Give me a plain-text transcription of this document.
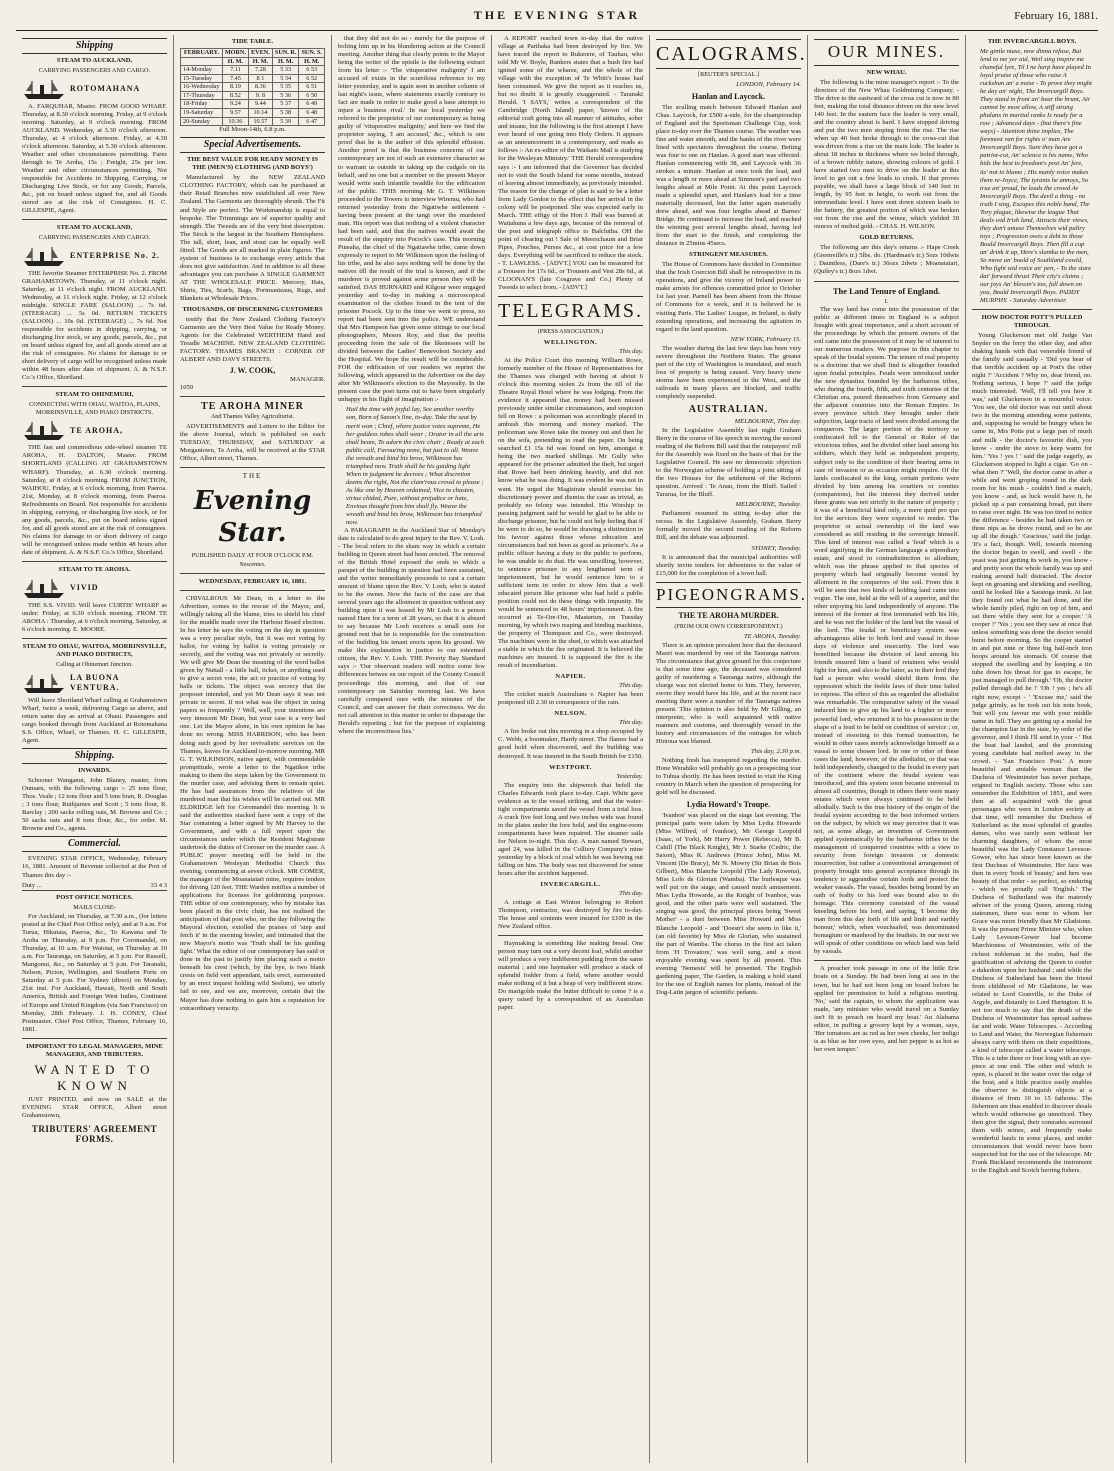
THE EVENING STAR	February 16, 1881.
Shipping
STEAM TO AUCKLAND,
CARRYING PASSENGERS AND CARGO.
ROTOMAHANA

A. FARQUHAR, Master. FROM GOOD WHARF. Thursday, at 8.30 o'clock morning. Friday, at 9 o'clock morning. Saturday, at 9 o'clock morning. FROM AUCKLAND. Wednesday, at 3.30 o'clock afternoon. Thursday, at 4 o'clock afternoon. Friday, at 4.30 o'clock afternoon. Saturday, at 5.30 o'clock afternoon. Weather and other circumstances permitting. Fares through to Te Aroha, 15s ; Freight, 25s per ton. Weather and other circumstances permitting. Not responsible for Accidents in Shipping, Carrying, or Discharging Live Stock, or for any Goods, Parcels, &c., put on board unless signed for, and all Goods stored are at the risk of Consignees. H. C. GILLESPIE, Agent.

STEAM TO AUCKLAND,
CARRYING PASSENGERS AND CARGO.
ENTERPRISE No. 2.

THE favorite Steamer ENTERPRISE No. 2. FROM GRAHAMSTOWN. Thursday, at 11 o'clock night. Saturday, at 11 o'clock night. FROM AUCKLAND. Wednesday, at 11 o'clock night. Friday, at 12 o'clock midnight. SINGLE FARE (SALOON) ... 7s 6d. (STEERAGE) ... 5s 0d. RETURN TICKETS (SALOON) ... 10s 0d. (STEERAGE) ... 7s 6d. Not responsible for accidents in shipping, carrying, or discharging live stock, or any goods, parcels, &c., put on board unless signed for, and all goods stored are at the risk of consignees. No claims for damage to or short delivery of cargo will be recognised unless made within 48 hours after date of shipment. A. & N.S.F. Co.'s Office, Shortland.

STEAM TO OHINEMURI,
CONNECTING WITH OHAU, WAITOA, PLAINS, MORRINSVILLE, AND PIAKO DISTRICTS.
TE AROHA,

THE fast and commodious side-wheel steamer TE AROHA, H. DALTON, Master. FROM SHORTLAND (CALLING AT GRAHAMSTOWN WHARF). Thursday, at 6.30 o'clock morning. Saturday, at 8 o'clock morning. FROM JUNCTION, WAIHOU. Friday, at 6 o'clock morning, from Paeroa. 21st, Monday, at 8 o'clock morning, from Paeroa. Refreshments on Board. Not responsible for accidents in shipping, carrying, or discharging live stock, or for any goods, parcels, &c., put on board unless signed for, and all goods stored are at the risk of consignees. No claims for damage to or short delivery of cargo will be recognised unless made within 48 hours after date of shipment. A. & N.S.F. Co.'s Office, Shortland.

STEAM TO TE AROHA.
VIVID

THE S.S. VIVID. Will leave CURTIS' WHARF as under: Friday, at 6.30 o'clock morning. FROM TE AROHA : Thursday, at 6 o'clock morning. Saturday, at 6 o'clock morning. E. MOORE.

STEAM TO OHAU, WAITOA, MORRINSVILLE, AND PIAKO DISTRICTS,
Calling at Ohinemuri Junction.
LA BUONA VENTURA.

Will leave Shortland Wharf calling at Grahamstown Wharf, twice a week, delivering Cargo as above, and return same day as arrival at Ohaui. Passengers and cargo booked through from Auckland at Rotomahana S.S. Office, Wharf, or Thames. H. C. GILLESPIE, Agent.

Shipping.
INWARDS.

Schooner Wanganui, John Blaney, master, from Onmaru, with the following cargo :- 25 tons flour, Thos. Veale ; 12 tons flour and 5 tons bran, R. Douglas ; 3 tons flour, Ruthjames and Scott ; 5 tons flour, R. Barclay ; 200 sacks rolling oats, M. Browne and Co. ; 50 sacks oats and 8 tons flour, &c., for order. M. Browne and Co., agents.

Commercial.

EVENING STAR OFFICE, Wednesday, February 16, 1881. Amount of Revenue collected at the Port of Thames this day :-

Duty ...	33 4 3
POST OFFICE NOTICES.
MAILS CLOSE-

For Auckland, on Thursday, at 7.30 a.m., (for letters posted at the Chief Post Office only), and at 9 a.m. For Turua, Hikutaia, Paeroa, &c., To Kawana and Te Aroha on Thursday, at 9 p.m. For Coromandel, on Thursday, at 10 a.m. For Waiotai, on Thursday at 10 a.m. For Tauranga, on Saturday, at 5 p.m. For Russell, Mangonui, &c., on Saturday at 5 p.m. For Taranaki, Nelson, Picton, Wellington, and Southern Ports on Saturday at 5 p.m. For Sydney (direct) on Monday, 21st inst. For Auckland, Hawaii, North and South America, British and Foreign West Indies, Continent of Europe and United Kingdom (via San Francisco) on Monday, 28th February. J. H. CONEY, Chief Postmaster. Chief Post Office, Thames, February 16, 1881.

IMPORTANT TO LEGAL MANAGERS, MINE MANAGERS, AND TRIBUTERS.
WANTED TO KNOWN

JUST PRINTED, and now on SALE at the EVENING STAR OFFICE, Albert street Grahamstown,

TRIBUTERS' AGREEMENT FORMS.
TIDE TABLE.
FEBRUARY.	MORN.	EVEN.	SUN. R.	SUN. S.
	H. M.	H. M.	H. M.	H. M.
14-Monday	7.11	7.28	5 33	6 53
15-Tuesday	7.45	8 1	5 34	6 52
16-Wednesday	8.19	8.36	5 35	6 51
17-Thursday	8.52	9. 8	5 36	6 50
18-Friday	9.24	9.44	5 37	6 49
19-Saturday	9.57	10.14	5 38	6 48
20-Sunday	10.36	10.57	5 39	6 47
Full Moon-14th, 6.8 p.m.
Special Advertisements.
THE BEST VALUE FOR READY MONEY IS THE (MEN'S) CLOTHING (AND BOYS')

Manufactured by the NEW ZEALAND CLOTHING FACTORY, which can be purchased at their Retail Branches now established all over New Zealand. The Garments are thoroughly shrunk. The Fit and Style are perfect. The Workmanship is equal to bespoke. The Trimmings are of superior quality and strength. The Tweeds are of the very best description. The Stock is the largest in the Southern Hemisphere. The tall, short, lean, and stout can be equally well fitted. The Goods are all marked in plain figures. The system of business is to exchange every article that does not give satisfaction. And in addition to all these advantages you can purchase A SINGLE GARMENT AT THE WHOLESALE PRICE. Mercery, Hats, Shirts, Ties, Scarfs, Bags, Portmanteaus, Rugs, and Blankets at Wholesale Prices.

THOUSANDS, OF DISCERNING CUSTOMERS

testify that the New Zealand Clothing Factory's Garments are the Very Best Value for Ready Money. Agents for the Celebrated WERTHEIM Hand and Treadle MACHINE. NEW ZEALAND CLOTHING FACTORY. THAMES BRANCH : CORNER OF ALBERT AND DAVY STREETS.

J. W. COOK,
MANAGER.
1059
TE AROHA MINER
And Thames Valley Agriculturist.

ADVERTISEMENTS and Letters to the Editor for the above Journal, which is published on each TUESDAY, THURSDAY, and SATURDAY at Morgantown, Te Aroha, will be received at the STAR Office, Albert street, Thames.

THE
Evening Star.
PUBLISHED DAILY AT FOUR O'CLOCK P.M.
Nescentes.
WEDNESDAY, FEBRUARY 16, 1881.

CHIVALROUS Mr Dean, in a letter to the Advertiser, comes to the rescue of the Mayor, and, willingly taking all the blame, tries to shield his chief for the muddle made over the Harbour Board election. In his letter he says the voting on the day in question was a very peculiar style, but it was not voting by ballot, for voting by ballot is voting privately or secretly, and the voting was not privately or secretly. We will give Mr Dean the meaning of the word ballot given by Nuttall - a little ball, ticket, or anything used to give a secret vote, the act or practice of voting by balls or tickets. The object was secrecy that the proposer intended, and yet Mr Dean says it was not private or secret. If not what was the object in using papers so frequently ? Well, well, your intentions are very innocent Mr Dean, but your case is a very bad one. Let the Mayor alone, in his own opinion he has done no wrong. MISS HARRISON, who has been doing such good by her revivalistic services on the Thames, leaves for Auckland to-morrow morning. MR G. T. WILKINSON, native agent, with commendable promptitude, wrote a letter to the Ngatikoe tribe making to them the steps taken by the Government in the murder case, and advising them to remain quiet. He has had assurances from the relatives of the murdered man that his wishes will be carried out. MR ELDRIDGE left for Coromandel this morning. It is said the authorities stacked have sent a copy of the Star containing a letter signed by Mr Harvey to the Government, and with a full report upon the circumstances under which the Resident Magistrate undertook the duties of Coroner on the murder case. A PUBLIC prayer meeting will be held in the Grahamstown Wesleyan Methodist Church this evening, commencing at seven o'clock. MR COMER, the manager of the Moanataiari mine, requires tenders for driving 120 feet. THE Warden notifies a number of applications for licenses for goldmining purposes. THE editor of our contemporary, who by mistake has been placed in the civic chair, has not realised the anticipation of that post who, on the day following the Mayoral election, extolled the praises of 'step and fetch it' in the morning howler, and intimated that the new Mayor's motto was 'Truth shall be his guiding light.' What the editor of our contemporary has said or done in the past to justify him placing such a motto beneath his crest (which, by the bye, is two blank crests on field vert appendant, tails erect, surmounted by an erect inquest holding wild Seelum), we utterly fail to see, and we are, moreover, certain that the Mayor has done nothing to gain him a reputation for extraordinary veracity.

that they did not do so - merely for the purpose of bolting him up in his blundering action at the Council meeting. Another thing that clearly points to the Mayor being the writer of the epistle is the following extract from his letter :- 'The vituperative malignity' I am accused of exists in the scurrilous reference to my letter yesterday, and is again seen in another column of last night's issue, where statements exactly contrary to fact are made in order to make good a base attempt to injure a business rival.' In our local yesterday we referred to the proprietor of our contemporary as being guilty of 'vituperative malignity,' and here we find the proprietor saying, 'I am accused,' &c., which is one proof that he is the author of this splendid effusion. Another proof is that the business concerns of our contemporary are not of such an extensive character as to warrant us outside in taking up the cudgels on its behalf, and no one but a member or the present Mayor would write such infantile twaddle for the edification of the public. THIS morning Mr G. T. Wilkinson proceeded to the Towers to interview Wiremu, who had returned yesterday from the Ngatiwhe settlement - having been present at the tangi over the murdered man. His report was that nothing of a violent character had been said, and that the natives would await the result of the enquiry into Pocock's case. This morning Pineaha, the chief of the Ngatiawhe tribe, came down expressly to report to Mr Wilkinson upon the feeling of his tribe, and he also says nothing will be done by the natives till the result of the trial is known, and if the murderer is proved against some person they will be satisfied. DAS HURNARD and Kilgour were engaged yesterday and to-day in making a microscopical examination of the clothes found in the tent of the prisoner Pocock. Up to the time we went to press, no report had been sent into the police. WE understand that Mrs Hampson has given some sittings to our local photographers, Messrs Roy, and that the profits proceeding from the sale of the likenesses will be divided between the Ladies' Benevolent Society and the Hospital. We hope the result will be considerable. FOR the edification of our readers we reprint the following, which appeared in the Advertiser on the day after Mr Wilkinson's election to the Mayoralty. In the present case the poet turns out to have been singularly unhappy in his flight of imagination :-

Hail the time with joyful lay, See another worthy son, Born of Saxon's line, to-day. Take the seat by merit won ; Chief, where justice votes supreme, He her goddess robes shall wear ; Orator in all the arts shall beam, To adorn the civic chair ; Ready at each public call, Favouring none, but just to all. Weave the wreath and bind his brow, Wilkinson has triumphed now. Truth shall be his guiding light When in judgment he decrees ; What discretion deems the right, Not the clam'rous crowd to please ; As like one by Heaven ordained, Vice to chasten, virtue chided, Pure, without prejudice or hate, Envious thought from him shall fly. Weave the wreath and bind his brow, Wilkinson has triumphed now.

A PARAGRAPH in the Auckland Star of Monday's date is calculated to do great injury to the Rev. V. Losh. - The local refers to the sham way in which a certain building in Queen street had been erected. The removal of the British Hotel exposed the ends to which a parapet of the building in question had been sustained, and the writer immediately proceeds to cast a certain amount of blame upon the Rev. V. Losh, who is stated to be the owner. Now the facts of the case are that several years ago the allotment in question without any building upon it was leased by Mr Losh to a person named Hare for a term of 28 years, so that it is absurd to say because Mr Losh receives a small sum for ground rent that he is responsible for the construction of the building his tenant erects upon his ground. We make this explanation in justice to our esteemed citizen, the Rev. V. Losh. THE Poverty Bay Standard says :- 'Our observant readers will notice some few differences betwee en our report of the County Council proceedings this morning, and that of our contemporary on Saturday morning last. We have carefully compared ours with the minutes of the Council, and can answer for their correctness. We do not call attention to this matter in order to disparage the Herald's reporting ; but for the purpose of explaining where the incorrectness lies.'

A REPORT reached town to-day that the native village at Parihaka had been destroyed by fire. We have traced the report to Rukerere, of Tauhau, who told Mr W. Boyle, Rankers states that a bush fire had ignited some of the wharee, and the whole of the village with the exception of Te Whiti's house had been consumed. We give the report as it reaches us, but no doubt it is greatly exaggerated. - Taranaki Herald. 'I SAYS,' writes a correspondent of the Cambridge (North Island) paper, 'known of the editorial craft going into all manner of attitudes, sober and insane, but the following is the first attempt I have ever heard of one going into Holy Orders. It appears as an announcement in a contemporary, and reads as follows :- An ex-editor of the Waikato Mail is studying for the Wesleyan Ministry.' THE Herald correspondent says :- I am informed that the Governor has decided not to visit the South Island for some months, instead of leaving almost immediately, as previously intended. The reason for the change of plan is said to be a letter from Lady Gordon to the effect that her arrival in the colony will be postponed. She was expected early in March. THE effigy of the Hon J. Hall was burned at Waitahuna a few days ago, because of the removal of the post and telegraph office to Balclutha. OH the point of clearing out ! Sale of Meerschaum and Briar Pipes, Pouches, Purses &c., at cost price for a few days. Everything will be sacrificed to reduce the stock. - T. LAWLESS. - [ADVT.] YOU can be measured for a Trousers for 17s 6d., or Trousers and Vest 28s 6d., at CLOONAN'S (late Cosgrave and Co.) Plenty of Tweeds to select from. - [ADVT.]

TELEGRAMS.
(PRESS ASSOCIATION.)
WELLINGTON.
This day.

At the Police Court this morning William Rowe, formerly member of the House of Representatives for the Thames was charged with having at about 6 o'clock this morning stolen 2s from the till of the Theatre Royal Hotel where he was lodging. From the evidence it appeared that money had been missed previously under similar circumstances, and suspicion fell on Rowe : a policeman was accordingly placed in ambush this morning and money marked. The policeman saw Rowe take the money out and then lie on the sofa, pretending to read the paper. On being searched £1 15s 6d was found on him, amongst it being the two marked shillings. Mr Gully who appeared for the prisoner admitted the theft, but urged that Rowe had been drinking heavily, and did not know what he was doing. It was evident he was not in want. He urged the Magistrate should exercise his discretionary power and dismiss the case as trivial, as probably no felony was intended. His Worship in passing judgment said he would be glad to be able to discharge prisoner, but he could not help feeling that if he were to do so, he would be drawing a distinction in his favour against those whose education and circumstances had not been as good as prisoner's. As a public officer having a duty to the public to perform, he was unable to do that. He was unwilling, however, to sentence prisoner to any lengthened term of imprisonment, but he would sentence him to a sufficient term in order to show him that a well educated person like prisoner who had held a public position could not do these things with impunity. He would be sentenced to 48 hours' imprisonment. A fire occurred at Te-Ore-Ore, Masterton, on Tuesday morning, by which two reaping and binding machines, the property of Thompson and Co., were destroyed. The machines were in the shed, to which was attached a stable in which the fire originated. It is believed the machines are insured. It is supposed the fire is the result of incendiarism.

NAPIER.
This day.

The cricket match Australians v. Napier has been postponed till 2.30 in consequence of the rain.

NELSON.
This day.

A fire broke out this morning in a shop occupied by C. Webb, a bootmaker, Hardy street. The flames had a good hold when discovered, and the building was destroyed. It was insured in the South British for £150.

WESTPORT.
Yesterday.

The enquiry into the shipwreck that befell the Charles Edwards took place to-day. Capt. White gave evidence as to the vessel striking, and that the water-tight compartments saved the vessel from a total loss. A crack five feet long and two inches wide was found in the plates under the fore hold, and the engine-room compartments have been repaired. The steamer sails for Nelson to-night. This day. A man named Stewart, aged 24, was killed in the Colliery Company's mine yesterday by a block of coal which he was hewing out falling on him. The body was not discovered for some hours after the accident happened.

INVERCARGILL.
This day.

A cottage at East Winton belonging to Robert Thompson, contractor, was destroyed by fire to-day. The house and contents were insured for £100 in the New Zealand office.

Haymaking is something like making bread. One person may turn out a very decent loaf, whilst another will produce a very indifferent pudding from the same material ; and one haymaker will produce a stack of splendid fodder from a field, where another would make nothing of it but a heap of very indifferent straw. Do marigolds make the butter difficult to come ? is a query raised by a correspondent of an Australian paper.

CALOGRAMS.
[REUTER'S SPECIAL.]
LONDON, February 14.
Hanlan and Laycock.

The sculling match between Edward Hanlan and Chas. Laycock, for £500 a-side, for the championship of England and the Sportsman Challenge Cup, took place to-day over the Thames course. The weather was fine and water smooth, and the banks of the river were lined with spectators throughout the course. Betting was four to one on Hanlan. A good start was effected. Hanlan commencing with 38, and Laycock with 36 strokes a minute. Hanlan at once took the lead, and was a length or more ahead at Simmon's yard and two lengths ahead at Mile Point. At this point Laycock made a splendid spurt, and Hanlan's lead for a time materially decreased, but the latter again materially drew ahead, and was four lengths ahead at Barnes' Bridge. He continued to increase the lead, and reached the winning post several lengths ahead, having led from the start to the finish, and completing the distance in 25mins 45secs.

STRINGENT MEASURES.

The House of Commons have decided in Committee that the Irish Coercion Bill shall be retrospective in its operations, and give the viceroy of Ireland power to make arrests for offences committed prior to October 1st last year. Parnell has been absent from the House of Commons for a week, and it is believed he is visiting Paris. The Ladies' League, in Ireland, is daily extending operations, and increasing the agitation in regard to the land question.

NEW YORK, February 15.

The weather during the last few days has been very severe throughout the Northern States. The greater part of the city of Washington is inundated, and much loss of property is being caused. Very heavy snow storms have been experienced in the West, and the railroads in many places are blocked, and traffic completely suspended.

AUSTRALIAN.
MELBOURNE, This day.

In the Legislative Assembly last night Graham Berry in the course of his speech in moving the second reading of the Reform Bill said that the ratepayers' roll for the Assembly was fixed on the basis of that for the Legislative Council. He saw no democratic objection to the Norwegian scheme of holding a joint sitting of the two Houses for the settlement of the Reform question. Arrived : Te Anau, from the Bluff. Sailed : Tararua, for the Bluff.

MELBOURNE, Tuesday.

Parliament resumed its sitting to-day after the recess. In the Legislative Assembly, Graham Berry formally moved the second reading of the Reform Bill, and the debate was adjourned.

SYDNEY, Tuesday.

It is announced that the municipal authorities will shortly invite tenders for debentures to the value of £15,000 for the completion of a town hall.

PIGEONGRAMS.
THE TE AROHA MURDER.
(FROM OUR OWN CORRESPONDENT.)
TE AROHA, Tuesday.

There is an opinion prevalent here that the deceased Maori was murdered by one of the Tauranga natives. The circumstance that gives ground for this conjecture is that some time ago, the deceased was considered guilty of murdering a Tauranga native, although the charge was not elected home to him. They, however, swore they would have his life, and at the recent race meeting there were a number of the Tauranga natives present. This opinion is also held by Mr Gilling, an interpreter, who is well acquainted with native manners and customs, and thoroughly versed in the history and circumstances of the outrages for which Hinioua was blamed.

This day, 2.30 p.m.

Nothing fresh has transpired regarding the murder. Hone Werahiko will probably go on a prospecting tour to Tuhua shortly. He has been invited to visit the King country in March when the question of prospecting for gold will be discussed.

Lydia Howard's Troupe.

'Ivanhoe' was placed on the stage last evening. The principal parts were taken by Miss Lydia Howarde (Miss Wilfred, of Ivanhoe), Mr George Leopold (Isaac, of York), Mr Harry Power (Rebecca), Mr B. Cahill (The Black Knight), Mr J. Starke (Cedric, the Saxon), Miss R. Andrews (Prince John), Miss M. Vincent (De Bracy), Mr N. Mowry (Sir Brian de Bois Gilbert), Miss Blanche Leopold (The Lady Rowena), Miss Lolo de Glorian (Wamba). The burlesque was well put on the stage, and caused much amusement. Miss Lydia Howarde, as the Knight of Ivanhoe, was good, and the other parts were well sustained. The singing was good, the principal pieces being 'Sweet Mother' - a duet between Miss Howard and Miss Blanche Leopold - and 'Doesn't she seem to like it,' (an old favorite) by Miss de Glorian, who sustained the part of Wamba. The chorus in the first act taken from 'H Trovatore,' was well sung, and a most enjoyable evening was spent by all present. This evening 'Nemesis' will be presented. The English gardening paper, The Garden, is making a bold stand for the use of English names for plants, instead of the Dog-Latin jargon of scientific pedants.

OUR MINES.
NEW WHAU.

The following is the mine manager's report :- To the directors of the New Whau Goldmining Company. - The drive to the eastward of the cross cut is now in 80 feet, making the total distance driven on the new level 140 feet. In the eastern face the leader is very small, and the country about is hard. I have stopped driving and put the two men stoping from the rise. The rise when up 40 feet broke through to the cross-cut that was driven from a rise on the main lode. The leader is about 18 inches in thickness where we holed through, of a brown rubbly nature, showing colours of gold. I have started two men to drive on the leader at this level to get out a few loads to crush. If that proves payable, we shall have a large block of 140 feet in length, by 95 feet in height, to work out from the intermediate level. I have sent down sixteen loads to the battery, the greatest portion of which was broken out from the rise and the winze, which yielded 30 ounces of melted gold. - CHAS. H. WILSON.

GOLD RETURNS.

The following are this day's returns :- Hape Creek (Greenville's tr.) 5lbs. do. (Hardman's tr.) 5ozs 10dwts ; Dauntless, (Dare's tr.) 36ozs 2dwts ; Moanataiari, (Quiley's tr.) 8ozs 1dwt.

The Land Tenure of England.
I.

The way land has come into the possession of the public at different times in England is a subject fraught with great importance, and a short account of the proceedings by which the present owners of the soil came into the possession of it may be of interest to our numerous readers. We purpose in this chapter to speak of the feudal system. The tenure of real property is a doctrine that we shall find is altogether founded upon feudal principles. Feuds were introduced under the new dynasties founded by the barbarous tribes, who during the fourth, fifth, and sixth centuries of the Christian era, poured themselves from Germany and the adjacent countries into the Roman Empire. In every province which they brought under their subjection, large tracts of land were divided among the conquerors. The larger portion of the territory so confiscated fell to the General or Ruler of the victorious tribes, and he divided other land among his soldiers, which they held as independent property, subject only to the condition of their bearing arms in case of invasion or as occasion might require. Of the lands confiscated to the king, certain portions were divided by him among his courtiers or comites (companions), but the interest they derived under these grants was not strictly in the nature of property ; it was of a beneficial kind only, a mere quid pro quo for the services they were expected to render. The proprietor or actual ownership of the land was considered as still residing in the sovereign himself. This kind of interest was called a 'feud' which is a word signifying in the German language a stipendiary estate, and stood in contradistinction to allodium, which was the phrase applied to that species of property which had originally become vested by allotment in the conquerors of the soil. From this it will be seen that two kinds of holding land came into vogue. The one, held at the will of a superior, and the other enjoying his land independently of anyone. The interest of the former at first terminated with his life, and he was not the holder of the land but the vassal of the lord. The feudal or beneficiary system was advantageous alike to both lord and vassal in those days of violence and insecurity. The lord was benefitted because the division of land among his friends ensured him a band of retainers who would fight for him, and also to the latter, as in their lord they had a person who would shield them from the oppression which the feeble laws of their time failed to repress. The effect of this as regarded the allodialist was remarkable. The comparative safety of the vassal induced him to give up his land to a higher or more powerful lord, who returned it to his possession in the shape of a feud to be held on condition of service ; or, instead of resorting to this formal transaction, he would in other cases merely acknowledge himself as a vassal to some chosen lord. In one or other of these cases the land, however, of the allodialist, or that was held independently, changed to the feudal in every part of the continent where the feudal system was introduced, and this system soon became universal in almost all countries, though in others there were many estates which were always continued to be held allodially. Such is the true history of the origin of the feudal system according to the best informed writers on the subject, by which we may perceive that it was not, as some allege, an invention of Government applied systematically by the barbarous tribes to the management of conquered countries with a view to security from foreign invasion or domestic insurrection, but rather a conventional arrangement of property brought into general acceptance through its tendency to aggrandise certain lords and protect the weaker vassals. The vassal, besides being bound by an oath of fealty to his lord was bound also to do homage. This ceremony consisted of the vassal kneeling before his lord, and saying, 'I become thy man from this day forth of life and limb and earthly honour,' which, when vouchsafed, was denominated homagium or manhood by the feudists. In our next we will speak of other conditions on which land was held by vassals.

A preacher took passage in one of the little Erie boats on a Sunday. He had been long at sea in the town, but he had not been long on board before he applied for permission to hold a religious meeting. 'No,' said the captain, to whom the application was made, 'any minister who would travel on a Sunday isn't fit to preach on board my boat.' An Alabama editor, in puffing a grocery kept by a woman, says, 'Her tomatoes are as red as her own cheeks, her indigo is as blue as her own eyes, and her pepper is as hot as her own temper.'

THE INVERCARGILL BOYS.

Me gintle muse, now dinna refuse, But lend to me yer aid, Weil sing inspire me chaneful lyre, Til I ne harp have played In loyal praise of those who raise A ruckshun an' a noise - To prove they might be day an' night, The Invercargill Boys. They stand in front an' bear the brunt, Air cannot by most allow, A stiff strung phalanx in martial ranks Is ready for a row ; Advanced days - (but there's fine ways) - Attention thine implies, The foremost van for rights o' man Are Invercargill Boys. Sure they have got a patriot-cot, An' sclence is his name, Who bids the best to freedom's post An' fere, its' not to blame ; His manly voice makes them re-Joyce, The tyrants he annoys, So true an' proud, he leads the crowd Av Invercargill Boys. The devil a thing - no truth I sing, Escapes this noble band, The Tory plague, likewise the league That deals wid Irish land, Attracts their views, they don't amuse Themselves wid paltry toys ; Progression owes a debt to those Bould Invercargill Boys. Then fill a cup an' drink it up, Here's sluntka to the men, So move an' bould of Southland cowld, Who fight wid voice an' pen, - To the stare dat' forward thrust Their city's claims ; our joys An' blessin's too, fall down on you, Bould Invercargill Boys. PADDY MURPHY. - Saturday Advertiser.

HOW DOCTOR POTT'S PULLED THROUGH.

Young Gluckerson met old Judge Van Snyder on the ferry the other day, and after shaking hands with that venerable friend of the family said casually - 'Did you hear of that terrible accident up at Pott's the other night ?' 'Accident ? Why no, dear friend, no. Nothing serious, I hope ?' said the judge much interested. 'Well, I'll tell you how it was,' said Gluckerson in a mournful voice. 'You see, the old doctor was out until about two in the morning attending some patients, and, supposing he would be hungry when he came in, Mrs Potts put a large pan of mush and milk - the doctor's favourite dish, you know - under the stove to keep warm for him.' 'Yes ! yes ! ' said the judge eagerly, as Gluckerson stopped to light a cigar. 'Go on - what then ?' 'Well, the doctor came in after a while and went groping round in the dark room for his mush - couldn't find a match, you know - and, as luck would have it, he picked up a pan containing bread, put there to raise over night. He was too tired to notice the difference - besides he had taken two or three nips as he drove round, and so he ate up all the dough.' 'Gracious,' said the judge. 'It's a fact, though. Well, towards morning the doctor began to swell, and swell - the yeast was just getting its work in, you know - and pretty soon the whole family was up and rushing around half distracted. The doctor kept on groaning and shrieking and swelling, until he looked like a Saratoga trunk. At last they found out what he had done, and the whole family piled, right on top of him, and sat there while they sent for a cooper.' 'A cooper ?' 'Yes ; you see they saw at once that unless something was done the doctor would burst before morning. So the cooper started in and put nine or three big half-inch iron hoops around his stomach. Of course that stopped the swelling and by keeping a tin tube down his throat for gas to escape, he just managed to pull through.' 'Oh, the doctor pulled through did he !' 'Oh ! yes ; he's all right now, except - ' 'Excuse me,' said the judge grimly, as he took out his note book, 'but will you favour me with your middle name in full. They are getting up a medal for the champion liar in the state, by order of the governor, and I think I'll send in your - ' But the boat had landed, and the promising young candidate had melted away in the crowd. - 'San Francisco Post.' A more beautiful and amiable woman than the Duchess of Westminster has never perhaps, reigned in English society. Those who can remember the Exhibition of 1851, and were then at all acquainted with the great personages who were in London society at that time, will remember the Duchess of Sutherland as the most splendid of grandes dames, who was rarely seen without her charming daughters, of whom the most beautiful was the Lady Constance Leveson-Gower, who has since been known as the first Duchess of Westminster. Her face was then in every 'book of beauty,' and hers was beauty of that order - so perfect, so enduring - which we proudly call 'English.' The Duchess of Sutherland was the matronly adviser of the young Queen, among rising statesmen, there was none to whom her Grace was more friendly than Mr Gladstone. It was the present Prime Minister who, when Lady Leveson-Gower had become Marchioness of Westminster, wife of the richest nobleman in the realm, had the gratification of advising the Queen to confer a dukedom upon her husband ; and while the Duchess of Sutherland has been the friend from childhood of Mr Gladstone, he was related to Lord Granville, to the Duke of Argyle, and distantly to Lord Harington. It is not too much to say that the death of the Duchess of Westminster has spread sadness far and wide. Water Telescopes. - According to Land and Water, the Norwegian fishermen always carry with them on their expeditions, a kind of telescope called a water telescope. This is a tube three or four long with an eye-piece at one end. The other end which is open, is placed in the water over the edge of the boat, and a little practice easily enables the observer to distinguish objects at a distance of from 10 to 15 fathoms. The fishermen are thus enabled to discover shoals which would otherwise go unnoticed. They then give the signal, their comrades surround them with seines, and frequently make wonderful hauls in some places, and under circumstances that would never have been suspected but for the use of the telescope. Mr Frank Buckland recommends the instrument to the English and Scotch herring fishers.
